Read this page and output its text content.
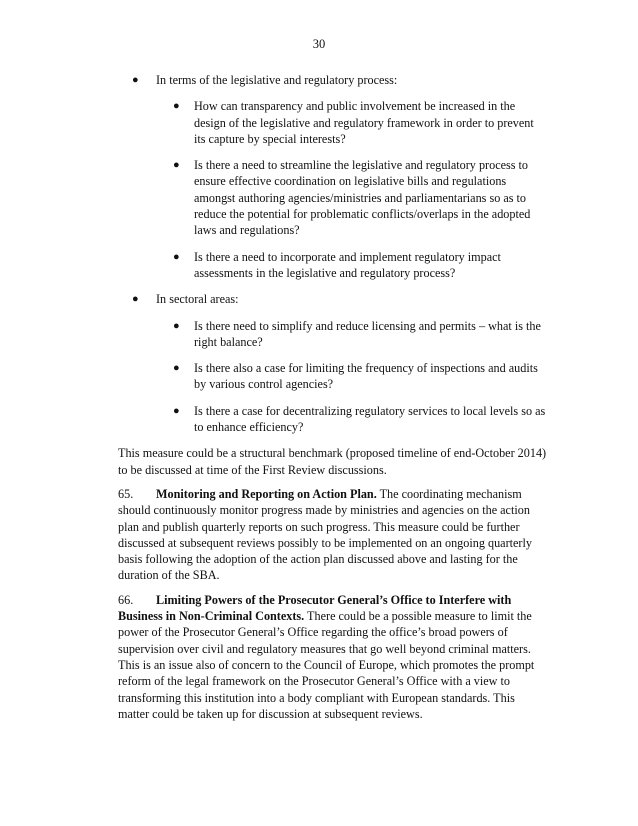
30
● In terms of the legislative and regulatory process:
● How can transparency and public involvement be increased in the design of the legislative and regulatory framework in order to prevent its capture by special interests?
● Is there a need to streamline the legislative and regulatory process to ensure effective coordination on legislative bills and regulations amongst authoring agencies/ministries and parliamentarians so as to reduce the potential for problematic conflicts/overlaps in the adopted laws and regulations?
● Is there a need to incorporate and implement regulatory impact assessments in the legislative and regulatory process?
● In sectoral areas:
● Is there need to simplify and reduce licensing and permits – what is the right balance?
● Is there also a case for limiting the frequency of inspections and audits by various control agencies?
● Is there a case for decentralizing regulatory services to local levels so as to enhance efficiency?

This measure could be a structural benchmark (proposed timeline of end-October 2014) to be discussed at time of the First Review discussions.

65. Monitoring and Reporting on Action Plan. The coordinating mechanism should continuously monitor progress made by ministries and agencies on the action plan and publish quarterly reports on such progress. This measure could be further discussed at subsequent reviews possibly to be implemented on an ongoing quarterly basis following the adoption of the action plan discussed above and lasting for the duration of the SBA.

66. Limiting Powers of the Prosecutor General’s Office to Interfere with Business in Non-Criminal Contexts. There could be a possible measure to limit the power of the Prosecutor General’s Office regarding the office’s broad powers of supervision over civil and regulatory measures that go well beyond criminal matters. This is an issue also of concern to the Council of Europe, which promotes the prompt reform of the legal framework on the Prosecutor General’s Office with a view to transforming this institution into a body compliant with European standards. This matter could be taken up for discussion at subsequent reviews.
